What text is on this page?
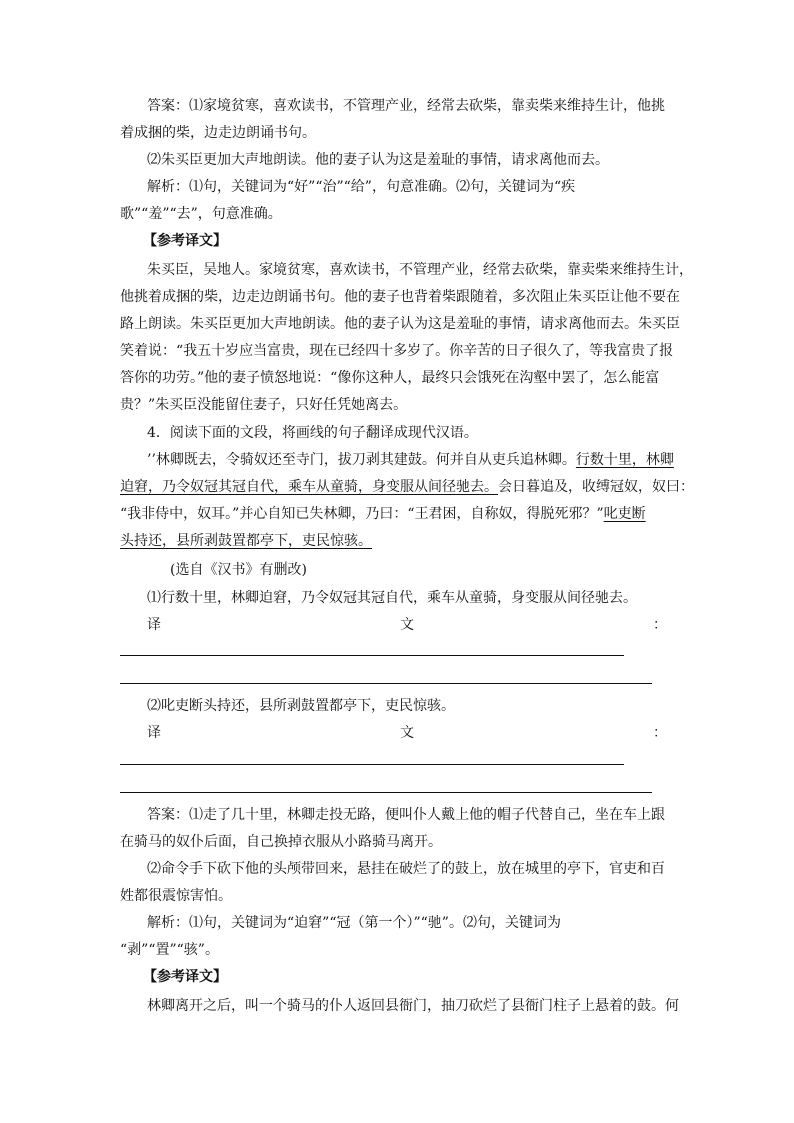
答案：⑴家境贫寒，喜欢读书，不管理产业，经常去砍柴，靠卖柴来维持生计，他挑
着成捆的柴，边走边朗诵书句。
⑵朱买臣更加大声地朗读。他的妻子认为这是羞耻的事情，请求离他而去。
解析：⑴句，关键词为“好”“治”“给”，句意准确。⑵句，关键词为“疾
歌”“羞”“去”，句意准确。
【参考译文】
朱买臣，吴地人。家境贫寒，喜欢读书，不管理产业，经常去砍柴，靠卖柴来维持生计，
他挑着成捆的柴，边走边朗诵书句。他的妻子也背着柴跟随着，多次阻止朱买臣让他不要在
路上朗读。朱买臣更加大声地朗读。他的妻子认为这是羞耻的事情，请求离他而去。朱买臣
笑着说：“我五十岁应当富贵，现在已经四十多岁了。你辛苦的日子很久了，等我富贵了报
答你的功劳。”他的妻子愤怒地说：“像你这种人，最终只会饿死在沟壑中罢了，怎么能富
贵？”朱买臣没能留住妻子，只好任凭她离去。
4．阅读下面的文段，将画线的句子翻译成现代汉语。
’’林卿既去，令骑奴还至寺门，拔刀剥其建鼓。何并自从吏兵追林卿。行数十里，林卿
迫窘，乃令奴冠其冠自代，乘车从童骑，身变服从间径驰去。会日暮追及，收缚冠奴，奴曰：
“我非侍中，奴耳。”并心自知已失林卿，乃曰：“王君困，自称奴，得脱死邪？”叱吏断
头持还，县所剥鼓置都亭下，吏民惊骇。
(选自《汉书》有删改)
⑴行数十里，林卿迫窘，乃令奴冠其冠自代，乘车从童骑，身变服从间径驰去。
译	文	：
⑵叱吏断头持还，县所剥鼓置都亭下，吏民惊骇。
译	文	：
答案：⑴走了几十里，林卿走投无路，便叫仆人戴上他的帽子代替自己，坐在车上跟
在骑马的奴仆后面，自己换掉衣服从小路骑马离开。
⑵命令手下砍下他的头颅带回来，悬挂在破烂了的鼓上，放在城里的亭下，官吏和百
姓都很震惊害怕。
解析：⑴句，关键词为“迫窘”“冠（第一个）”“驰”。⑵句，关键词为
“剥”“置”“骇”。
【参考译文】
林卿离开之后，叫一个骑马的仆人返回县衙门，抽刀砍烂了县衙门柱子上悬着的鼓。何
